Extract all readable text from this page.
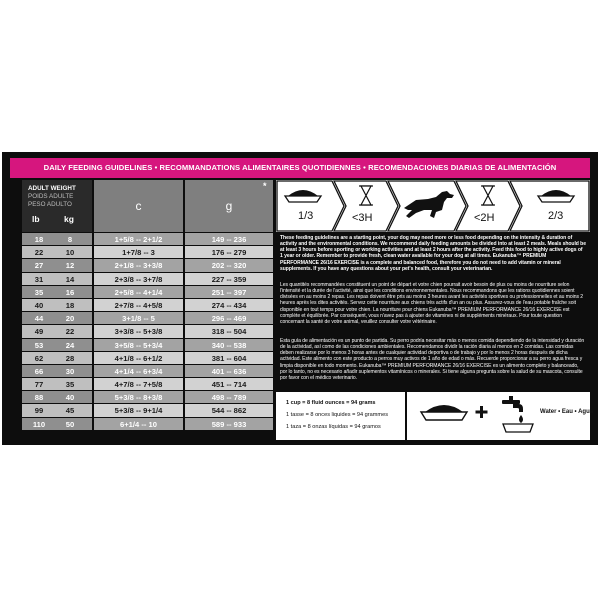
DAILY FEEDING GUIDELINES • RECOMMANDATIONS ALIMENTAIRES QUOTIDIENNES • RECOMENDACIONES DIARIAS DE ALIMENTACIÓN
ADULT WEIGHT
POIDS ADULTE
PESO ADULTO
lb	kg
c	g
*
18	8	1+5/8 -- 2+1/2	149 -- 236
22	10	1+7/8 -- 3	176 -- 279
27	12	2+1/8 -- 3+3/8	202 -- 320
31	14	2+3/8 -- 3+7/8	227 -- 359
35	16	2+5/8 -- 4+1/4	251 -- 397
40	18	2+7/8 -- 4+5/8	274 -- 434
44	20	3+1/8 -- 5	296 -- 469
49	22	3+3/8 -- 5+3/8	318 -- 504
53	24	3+5/8 -- 5+3/4	340 -- 538
62	28	4+1/8 -- 6+1/2	381 -- 604
66	30	4+1/4 -- 6+3/4	401 -- 636
77	35	4+7/8 -- 7+5/8	451 -- 714
88	40	5+3/8 -- 8+3/8	498 -- 789
99	45	5+3/8 -- 9+1/4	544 -- 862
110	50	6+1/4 -- 10	589 -- 933
1/3	<3H	<2H	2/3
These feeding guidelines are a starting point, your dog may need more or less food depending on the intensity & duration of activity and the environmental conditions. We recommend daily feeding amounts be divided into at least 2 meals. Meals should be at least 3 hours before sporting or working activities and at least 2 hours after the activity. Feed this food to highly active dogs of 1 year or older. Remember to provide fresh, clean water available for your dog at all times. Eukanuba™ PREMIUM PERFORMANCE 26/16 EXERCISE is a complete and balanced food, therefore you do not need to add vitamin or mineral supplements. If you have any questions about your pet's health, consult your veterinarian.
Les quantités recommandées constituent un point de départ et votre chien pourrait avoir besoin de plus ou moins de nourriture selon l'intensité et la durée de l'activité, ainsi que les conditions environnementales. Nous recommandons que les rations quotidiennes soient divisées en au moins 2 repas. Les repas doivent être pris au moins 3 heures avant les activités sportives ou professionnelles et au moins 2 heures après les dites activités. Servez cette nourriture aux chiens très actifs d'un an ou plus. Assurez-vous de l'eau potable fraîche soit disponible en tout temps pour votre chien. La nourriture pour chiens Eukanuba™ PREMIUM PERFORMANCE 26/16 EXERCISE est complète et équilibrée. Par conséquent, vous n'avez pas à ajouter de vitamines ni de suppléments minéraux. Pour toute question concernant la santé de votre animal, veuillez consulter votre vétérinaire.
Esta guía de alimentación es un punto de partida. Su perro podría necesitar más o menos comida dependiendo de la intensidad y duración de la actividad, así como de las condiciones ambientales. Recomendamos dividir la ración diaria al menos en 2 comidas. Las comidas deben realizarse por lo menos 3 horas antes de cualquier actividad deportiva o de trabajo y por lo menos 2 horas después de dicha actividad. Este alimento con este producto a perros muy activos de 1 año de edad o más. Recuerde proporcionar a su perro agua fresca y limpia disponible en todo momento. Eukanuba™ PREMIUM PERFORMANCE 26/16 EXERCISE es un alimento completo y balanceado, por lo tanto, no es necesario añadir suplementos vitamínicos o minerales. Si tiene alguna pregunta sobre la salud de su mascota, consulte por favor con el médico veterinario.
1 cup = 8 fluid ounces = 94 grams
1 tasse = 8 onces liquides = 94 grammes
1 taza = 8 onzas líquidas = 94 gramos
Water • Eau • Agua
